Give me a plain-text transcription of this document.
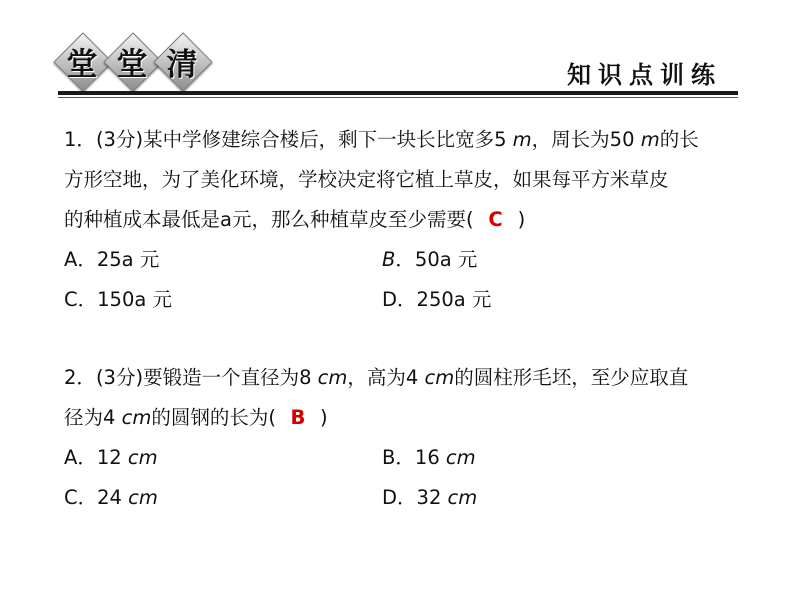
堂 堂 清	知识点训练

1．(3分)某中学修建综合楼后，剩下一块长比宽多5 m，周长为50 m的长

方形空地，为了美化环境，学校决定将它植上草皮，如果每平方米草皮

的种植成本最低是a元，那么种植草皮至少需要( C )

A．25a 元	B．50a 元
C．150a 元	D．250a 元

2．(3分)要锻造一个直径为8 cm，高为4 cm的圆柱形毛坯，至少应取直

径为4 cm的圆钢的长为( B )

A．12 cm	B．16 cm
C．24 cm	D．32 cm
